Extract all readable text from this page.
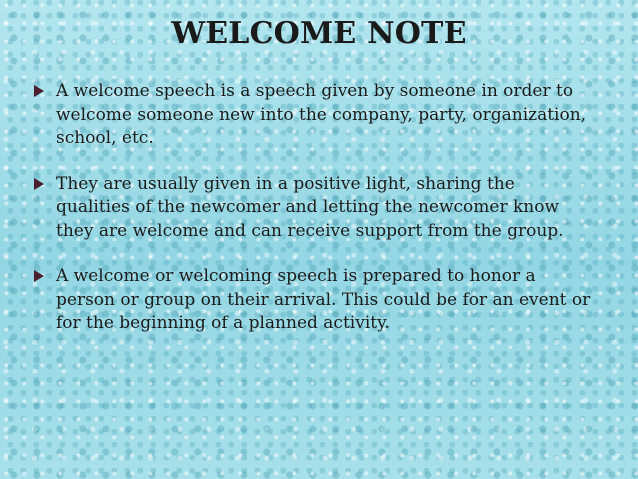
WELCOME NOTE
A welcome speech is a speech given by someone in order to welcome someone new into the company, party, organization, school, etc.
They are usually given in a positive light, sharing the qualities of the newcomer and letting the newcomer know they are welcome and can receive support from the group.
A welcome or welcoming speech is prepared to honor a person or group on their arrival. This could be for an event or for the beginning of a planned activity.
